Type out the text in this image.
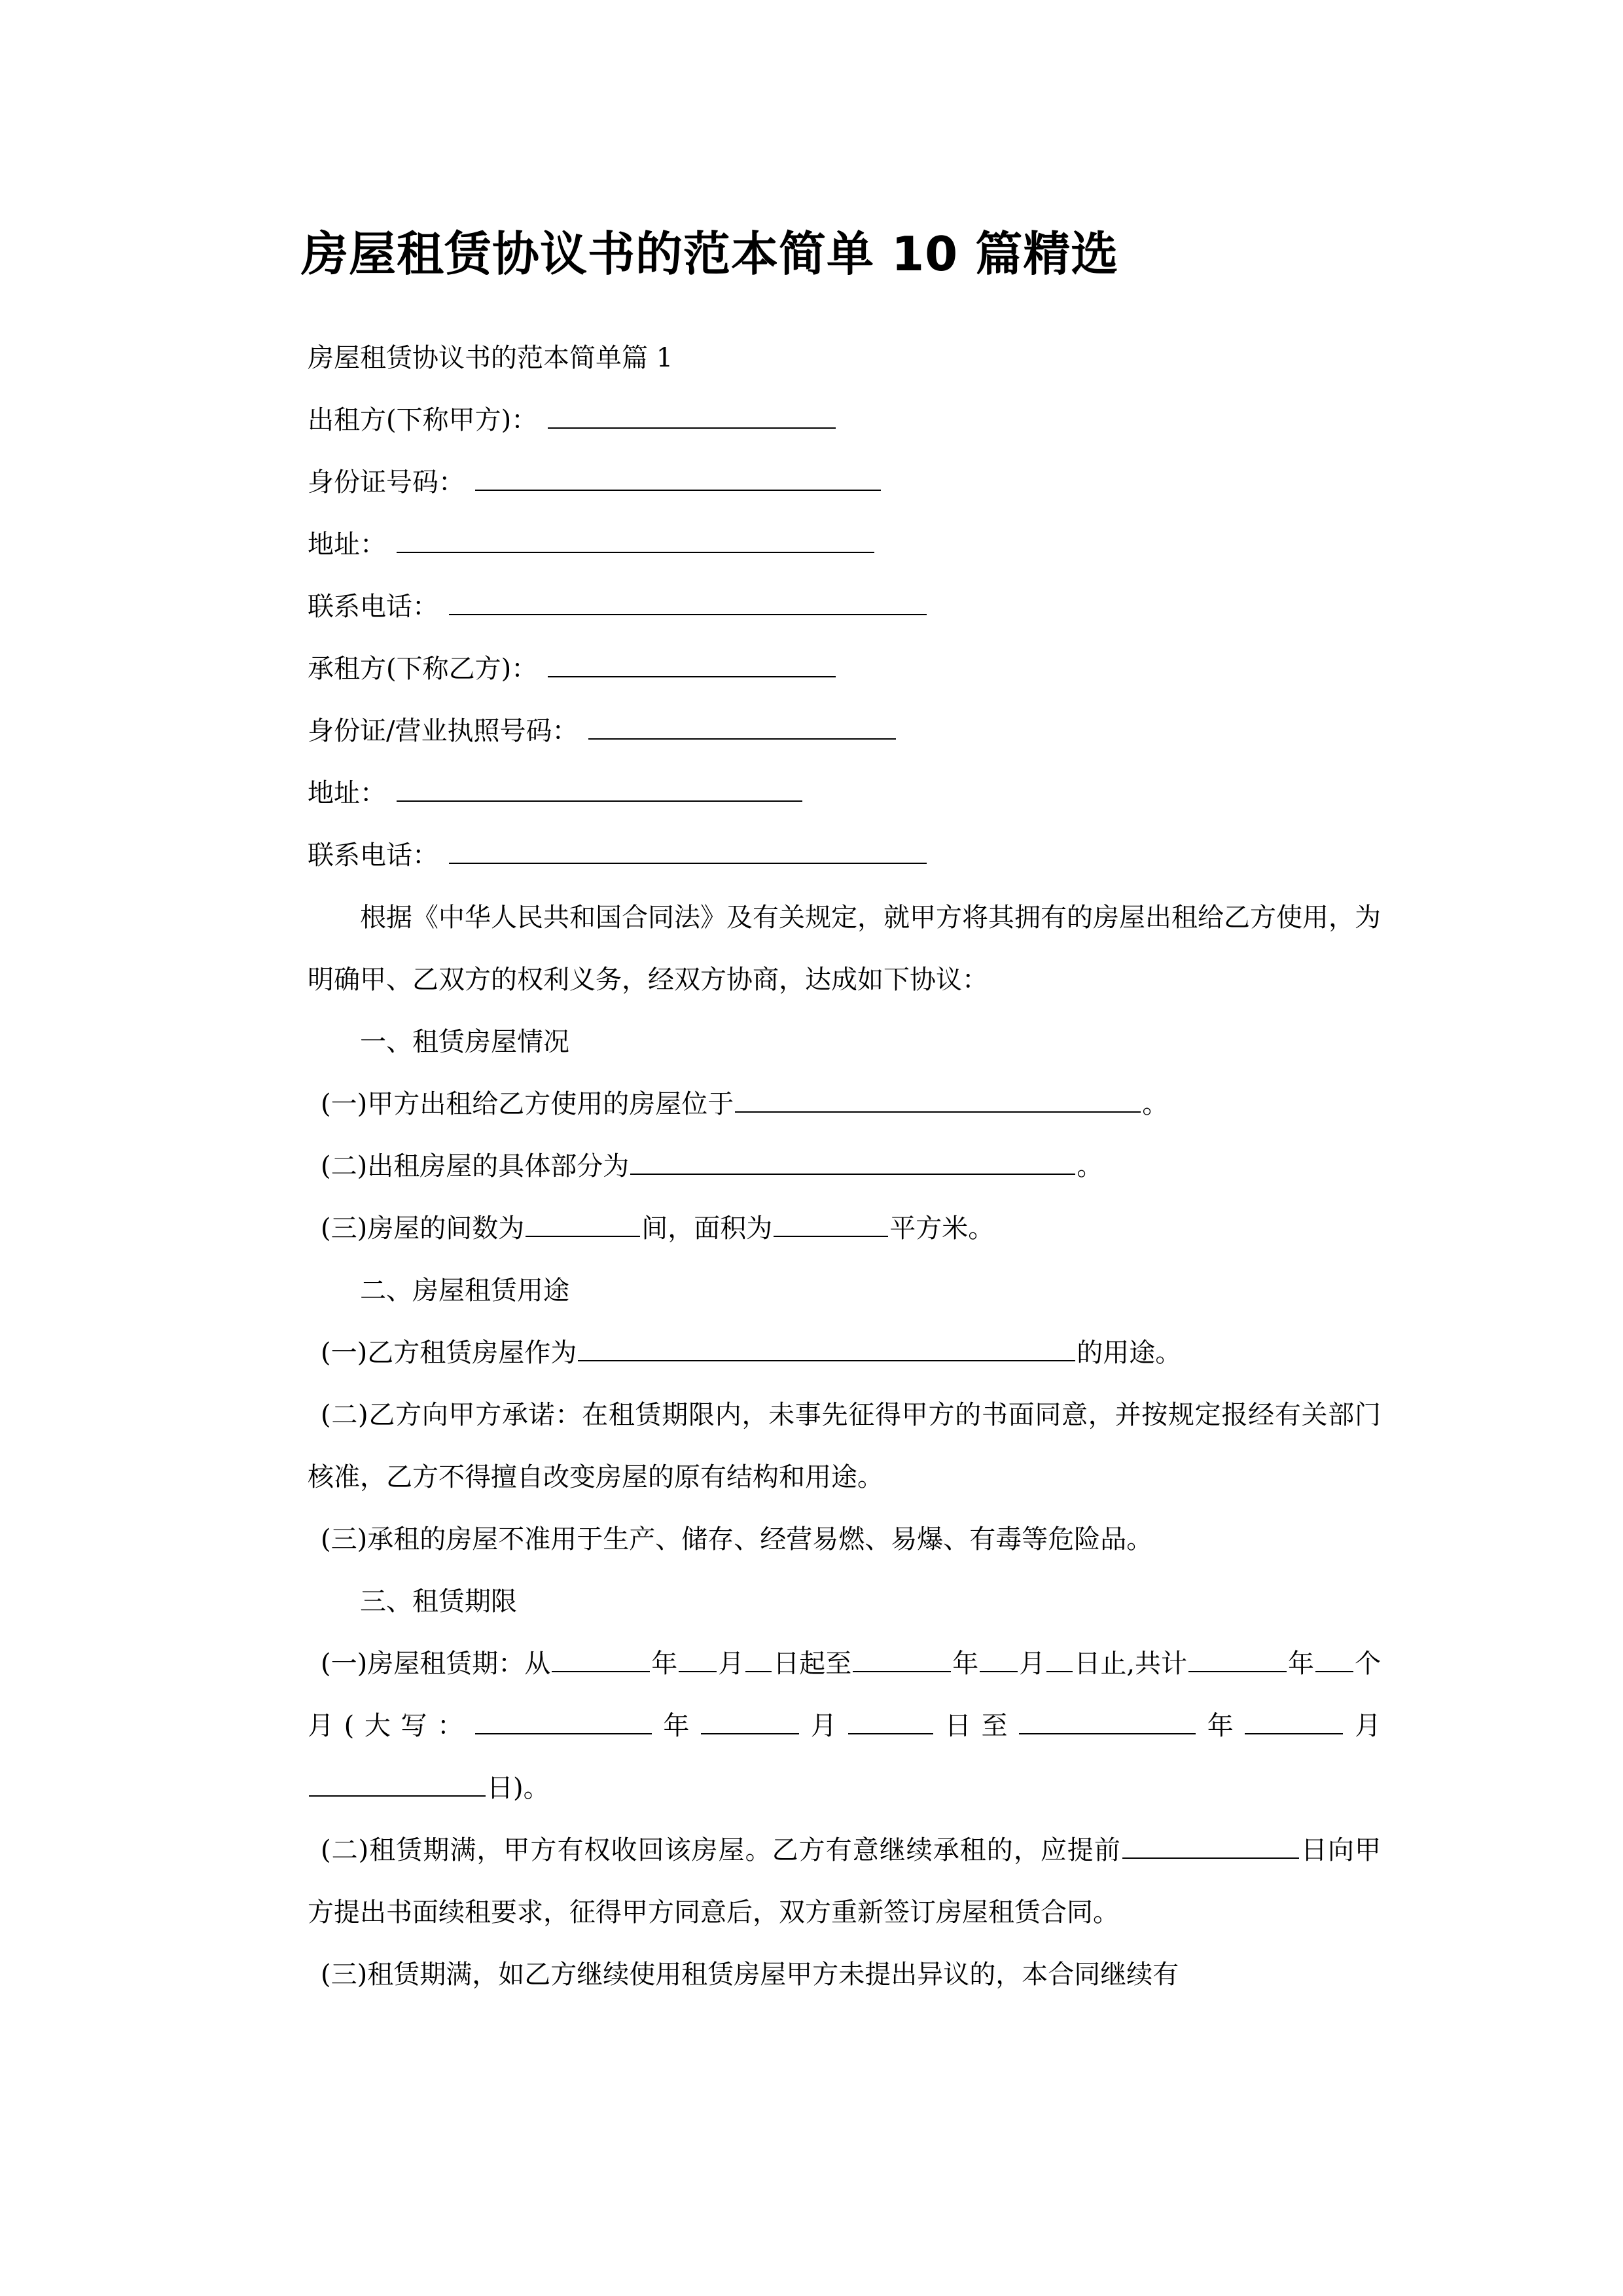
房屋租赁协议书的范本简单 10 篇精选

房屋租赁协议书的范本简单篇 1

出租方(下称甲方)：

身份证号码：

地址：

联系电话：

承租方(下称乙方)：

身份证/营业执照号码：

地址：

联系电话：

根据《中华人民共和国合同法》及有关规定，就甲方将其拥有的房屋出租给乙方使用，为明确甲、乙双方的权利义务，经双方协商，达成如下协议：

一、租赁房屋情况

(一)甲方出租给乙方使用的房屋位于	。

(二)出租房屋的具体部分为	。

(三)房屋的间数为	间，面积为	平方米。

二、房屋租赁用途

(一)乙方租赁房屋作为	的用途。

(二)乙方向甲方承诺：在租赁期限内，未事先征得甲方的书面同意，并按规定报经有关部门核准，乙方不得擅自改变房屋的原有结构和用途。

(三)承租的房屋不准用于生产、储存、经营易燃、易爆、有毒等危险品。

三、租赁期限

(一)房屋租赁期：从	年 月 日起至	年 月 日止,共计	年 个月(大写：	年	月	日至	年	月日)。

(二)租赁期满，甲方有权收回该房屋。乙方有意继续承租的，应提前	日向甲方提出书面续租要求，征得甲方同意后，双方重新签订房屋租赁合同。

(三)租赁期满，如乙方继续使用租赁房屋甲方未提出异议的，本合同继续有
